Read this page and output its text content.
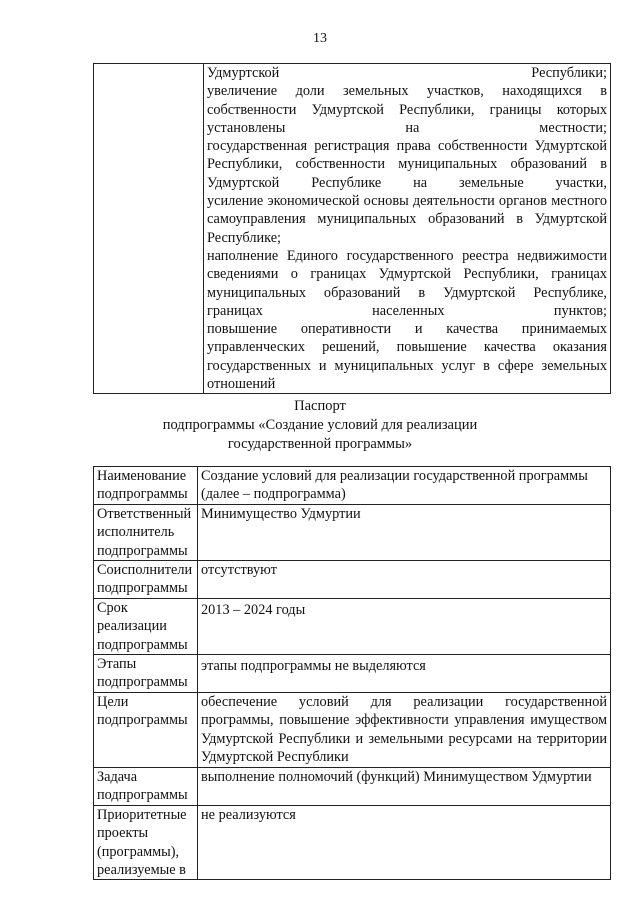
13

Удмуртской Республики;
увеличение доли земельных участков, находящихся в собственности Удмуртской Республики, границы которых установлены на местности;
государственная регистрация права собственности Удмуртской Республики, собственности муниципальных образований в Удмуртской Республике на земельные участки,
усиление экономической основы деятельности органов местного самоуправления муниципальных образований в Удмуртской Республике;
наполнение Единого государственного реестра недвижимости сведениями о границах Удмуртской Республики, границах муниципальных образований в Удмуртской Республике, границах населенных пунктов;
повышение оперативности и качества принимаемых управленческих решений, повышение качества оказания государственных и муниципальных услуг в сфере земельных отношений
Паспорт
подпрограммы «Создание условий для реализации
государственной программы»
Наименование подпрограммы	Создание условий для реализации государственной программы (далее – подпрограмма)
Ответственный исполнитель подпрограммы	Минимущество Удмуртии
Соисполнители подпрограммы	отсутствуют
Срок реализации подпрограммы	2013 – 2024 годы
Этапы подпрограммы	этапы подпрограммы не выделяются
Цели подпрограммы	обеспечение условий для реализации государственной программы, повышение эффективности управления имуществом Удмуртской Республики и земельными ресурсами на территории Удмуртской Республики
Задача подпрограммы	выполнение полномочий (функций) Минимуществом Удмуртии
Приоритетные проекты (программы), реализуемые в	не реализуются
